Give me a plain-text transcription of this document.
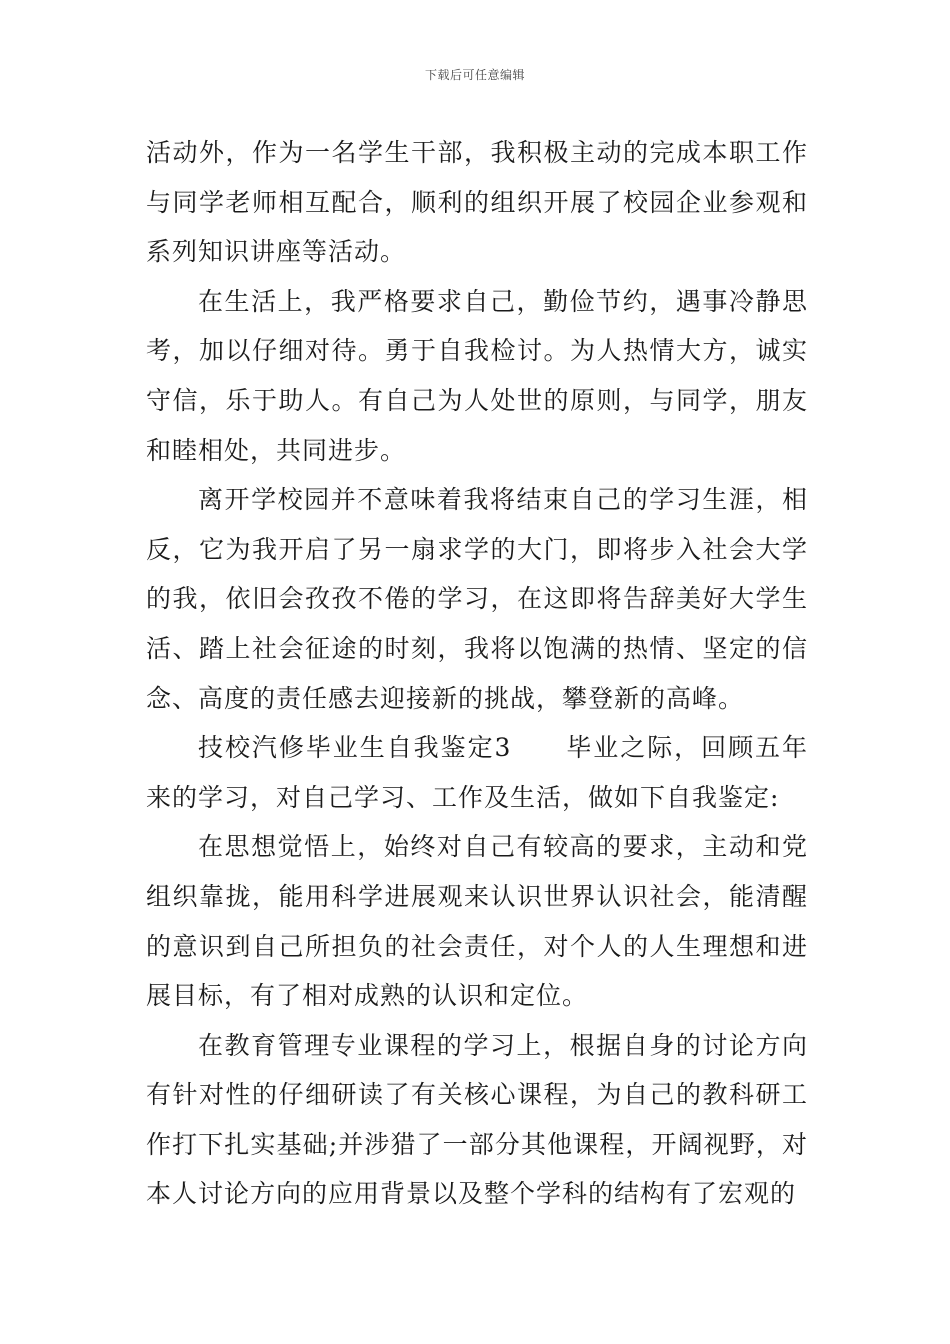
下载后可任意编辑

活动外，作为一名学生干部，我积极主动的完成本职工作与同学老师相互配合，顺利的组织开展了校园企业参观和系列知识讲座等活动。

在生活上，我严格要求自己，勤俭节约，遇事冷静思考，加以仔细对待。勇于自我检讨。为人热情大方，诚实守信，乐于助人。有自己为人处世的原则，与同学，朋友和睦相处，共同进步。

离开学校园并不意味着我将结束自己的学习生涯，相反，它为我开启了另一扇求学的大门，即将步入社会大学的我，依旧会孜孜不倦的学习，在这即将告辞美好大学生活、踏上社会征途的时刻，我将以饱满的热情、坚定的信念、高度的责任感去迎接新的挑战，攀登新的高峰。

技校汽修毕业生自我鉴定3　　毕业之际，回顾五年来的学习，对自己学习、工作及生活，做如下自我鉴定:

在思想觉悟上，始终对自己有较高的要求，主动和党组织靠拢，能用科学进展观来认识世界认识社会，能清醒的意识到自己所担负的社会责任，对个人的人生理想和进展目标，有了相对成熟的认识和定位。

在教育管理专业课程的学习上，根据自身的讨论方向有针对性的仔细研读了有关核心课程，为自己的教科研工作打下扎实基础;并涉猎了一部分其他课程，开阔视野，对本人讨论方向的应用背景以及整个学科的结构有了宏观的
